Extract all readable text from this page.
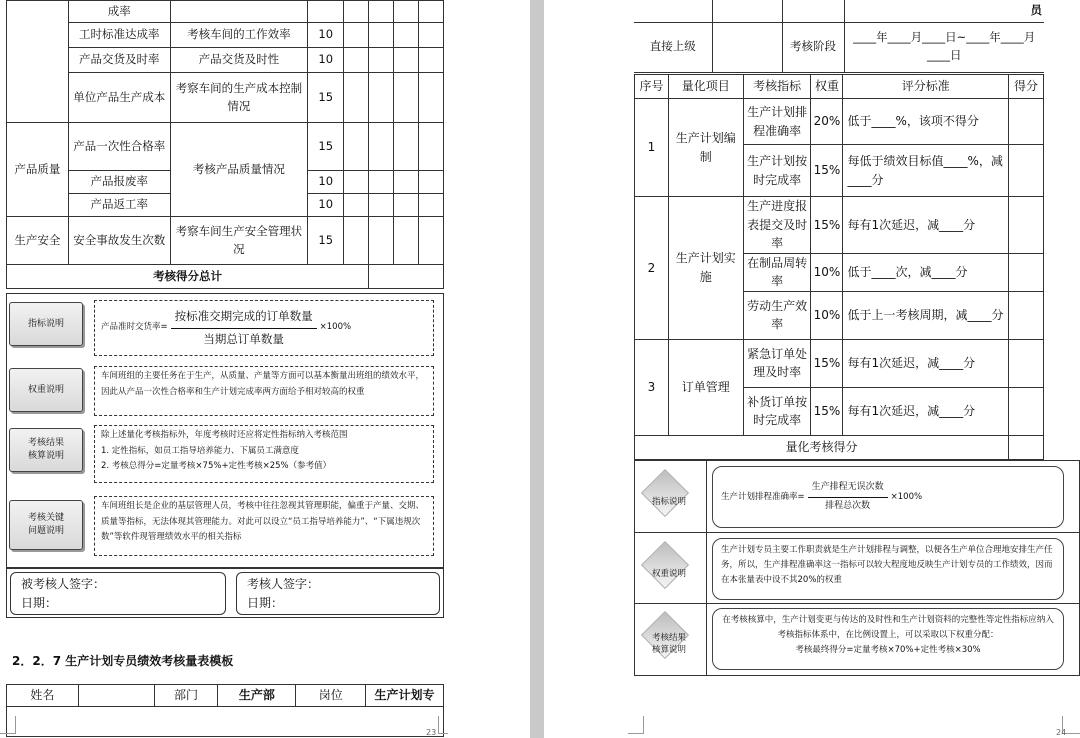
	成率						
	工时标准达成率	考核车间的工作效率	10				
	产品交货及时率	产品交货及时性	10				
	单位产品生产成本	考察车间的生产成本控制情况	15				
产品质量	产品一次性合格率	考核产品质量情况	15				
	产品报废率		10				
	产品返工率		10				
生产安全	安全事故发生次数	考察车间生产安全管理状况	15				
考核得分总计							
指标说明	产品准时交货率= $\frac{\text{按标准交期完成的订单数量}}{\text{当期总订单数量}} \times 100\%$
权重说明
车间班组的主要任务在于生产，从质量、产量等方面可以基本衡量出班组的绩效水平，因此从产品一次性合格率和生产计划完成率两方面给予相对较高的权重
考核结果
核算说明
除上述量化考核指标外，年度考核时还应将定性指标纳入考核范围
1. 定性指标，如员工指导培养能力、下属员工满意度
2. 考核总得分=定量考核×75%+定性考核×25%（参考值）
考核关键
问题说明
车间班组长是企业的基层管理人员，考核中往往忽视其管理职能，偏重于产量、交期、质量等指标，无法体现其管理能力。对此可以设立“员工指导培养能力”、“下属违规次数”等软件现管理绩效水平的相关指标
被考核人签字：
日期：
考核人签字：
日期：
2．2．7 生产计划专员绩效考核量表模板
姓名		部门	生产部	岗位	生产计划专

23
			员
直接上级		考核阶段	____年____月____日~____年____月____日
序号	量化项目	考核指标	权重	评分标准	得分
1	生产计划编制	生产计划排程准确率	20%	低于____%，该项不得分	
		生产计划按时完成率	15%	每低于绩效目标值____%，减____分	
2	生产计划实施	生产进度报表提交及时率	15%	每有1次延迟，减____分	
		在制品周转率	10%	低于____次，减____分	
		劳动生产效率	10%	低于上一考核周期，减____分	
3	订单管理	紧急订单处理及时率	15%	每有1次延迟，减____分	
		补货订单按时完成率	15%	每有1次延迟，减____分	
量化考核得分					
指标说明
生产计划排程准确率= $\frac{\text{生产排程无误次数}}{\text{排程总次数}} \times 100\%$
权重说明
生产计划专员主要工作职责就是生产计划排程与调整，以便各生产单位合理地安排生产任务，所以，生产排程准确率这一指标可以较大程度地反映生产计划专员的工作绩效，因而在本张量表中设不其20%的权重
考核结果
核算说明
在考核核算中，生产计划变更与传达的及时性和生产计划资料的完整性等定性指标应纳入考核指标体系中，在比例设置上，可以采取以下权重分配：
考核最终得分=定量考核×70%+定性考核×30%
24
